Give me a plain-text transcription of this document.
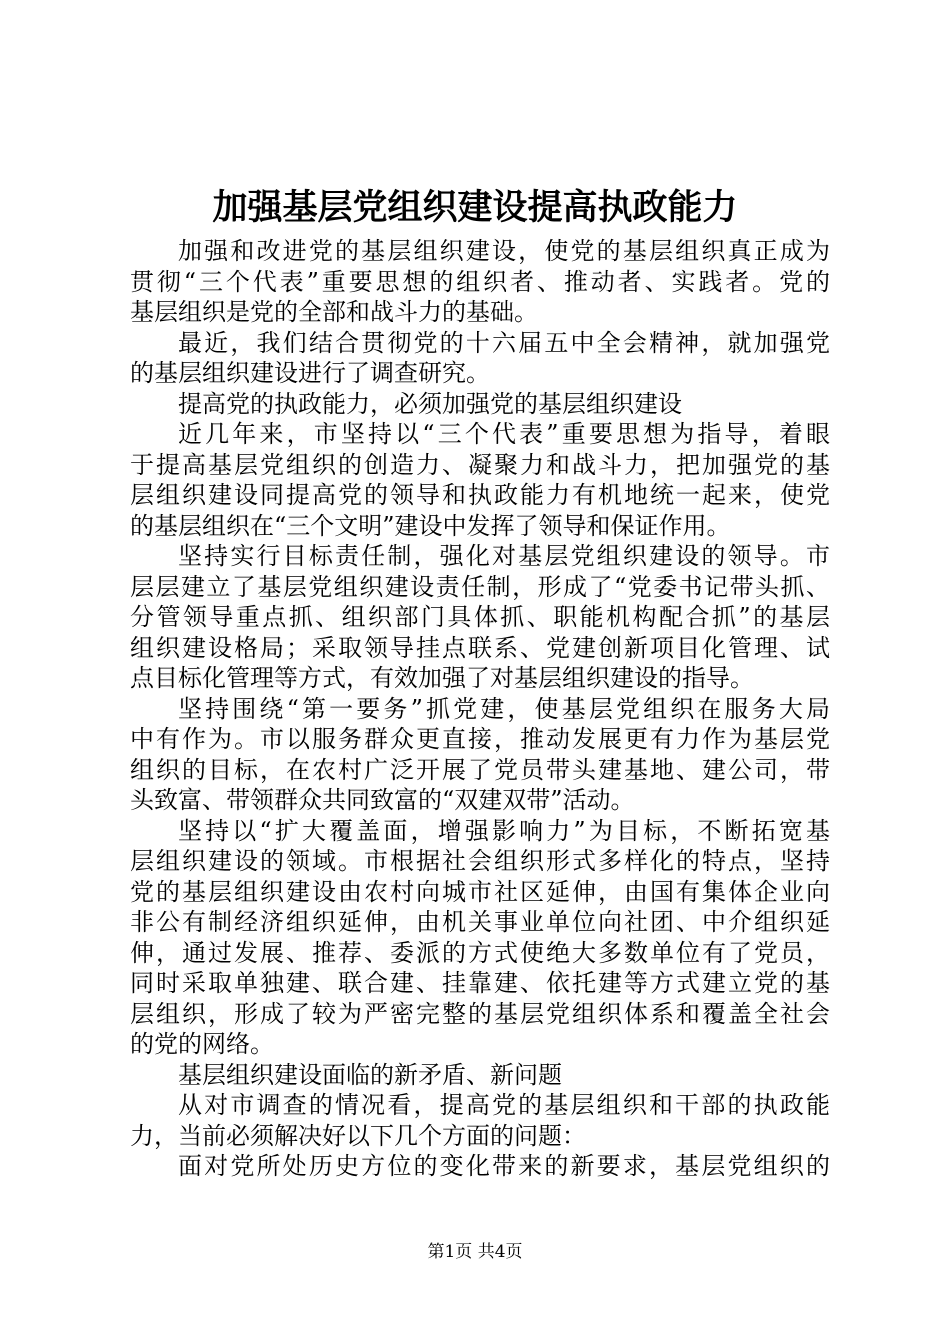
加强基层党组织建设提高执政能力
加强和改进党的基层组织建设，使党的基层组织真正成为
贯彻“三个代表”重要思想的组织者、推动者、实践者。党的
基层组织是党的全部和战斗力的基础。
最近，我们结合贯彻党的十六届五中全会精神，就加强党
的基层组织建设进行了调查研究。
提高党的执政能力，必须加强党的基层组织建设
近几年来，市坚持以“三个代表”重要思想为指导，着眼
于提高基层党组织的创造力、凝聚力和战斗力，把加强党的基
层组织建设同提高党的领导和执政能力有机地统一起来，使党
的基层组织在“三个文明”建设中发挥了领导和保证作用。
坚持实行目标责任制，强化对基层党组织建设的领导。市
层层建立了基层党组织建设责任制，形成了“党委书记带头抓、
分管领导重点抓、组织部门具体抓、职能机构配合抓”的基层
组织建设格局；采取领导挂点联系、党建创新项目化管理、试
点目标化管理等方式，有效加强了对基层组织建设的指导。
坚持围绕“第一要务”抓党建，使基层党组织在服务大局
中有作为。市以服务群众更直接，推动发展更有力作为基层党
组织的目标，在农村广泛开展了党员带头建基地、建公司，带
头致富、带领群众共同致富的“双建双带”活动。
坚持以“扩大覆盖面，增强影响力”为目标，不断拓宽基
层组织建设的领域。市根据社会组织形式多样化的特点，坚持
党的基层组织建设由农村向城市社区延伸，由国有集体企业向
非公有制经济组织延伸，由机关事业单位向社团、中介组织延
伸，通过发展、推荐、委派的方式使绝大多数单位有了党员，
同时采取单独建、联合建、挂靠建、依托建等方式建立党的基
层组织，形成了较为严密完整的基层党组织体系和覆盖全社会
的党的网络。
基层组织建设面临的新矛盾、新问题
从对市调查的情况看，提高党的基层组织和干部的执政能
力，当前必须解决好以下几个方面的问题：
面对党所处历史方位的变化带来的新要求，基层党组织的
第1页 共4页
